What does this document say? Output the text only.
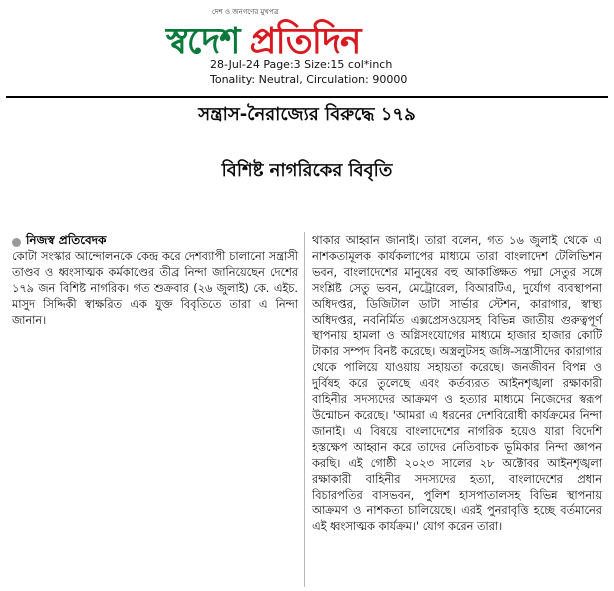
দেশ ও জনগণের মুখপত্র
স্বদেশ প্রতিদিন
28-Jul-24 Page:3 Size:15 col*inch
Tonality: Neutral, Circulation: 90000
সন্ত্রাস-নৈরাজ্যের বিরুদ্ধে ১৭৯
বিশিষ্ট নাগরিকের বিবৃতি
নিজস্ব প্রতিবেদক

কোটা সংস্কার আন্দোলনকে কেন্দ্র করে দেশব্যাপী চালানো সন্ত্রাসী তাণ্ডব ও ধ্বংসাত্মক কর্মকাণ্ডের তীব্র নিন্দা জানিয়েছেন দেশের ১৭৯ জন বিশিষ্ট নাগরিক। গত শুক্রবার (২৬ জুলাই) কে. এইচ. মাসুদ সিদ্দিকী স্বাক্ষরিত এক যুক্ত বিবৃতিতে তারা এ নিন্দা জানান।

থাকার আহ্বান জানাই। তারা বলেন, গত ১৬ জুলাই থেকে এ নাশকতামূলক কার্যকলাপের মাধ্যমে তারা বাংলাদেশ টেলিভিশন ভবন, বাংলাদেশের মানুষের বহু আকাঙ্ক্ষিত পদ্মা সেতুর সঙ্গে সংশ্লিষ্ট সেতু ভবন, মেট্রোরেল, বিআরটিএ, দুর্যোগ ব্যবস্থাপনা অধিদপ্তর, ডিজিটাল ডাটা সার্ভার স্টেশন, কারাগার, স্বাস্থ্য অধিদপ্তর, নবনির্মিত এক্সপ্রেসওয়েসহ বিভিন্ন জাতীয় গুরুত্বপূর্ণ স্থাপনায় হামলা ও অগ্নিসংযোগের মাধ্যমে হাজার হাজার কোটি টাকার সম্পদ বিনষ্ট করেছে। অস্ত্রলুটসহ জঙ্গি-সন্ত্রাসীদের কারাগার থেকে পালিয়ে যাওয়ায় সহায়তা করেছে। জনজীবন বিপন্ন ও দুর্বিষহ করে তুলেছে এবং কর্তব্যরত আইনশৃঙ্খলা রক্ষাকারী বাহিনীর সদস্যদের আক্রমণ ও হত্যার মাধ্যমে নিজেদের স্বরূপ উন্মোচন করেছে। 'আমরা এ ধরনের দেশবিরোধী কার্যক্রমের নিন্দা জানাই। এ বিষয়ে বাংলাদেশের নাগরিক হয়েও যারা বিদেশি হস্তক্ষেপ আহ্বান করে তাদের নেতিবাচক ভূমিকার নিন্দা জ্ঞাপন করছি। এই গোষ্ঠী ২০২৩ সালের ২৮ অক্টোবর আইনশৃঙ্খলা রক্ষাকারী বাহিনীর সদস্যদের হত্যা, বাংলাদেশের প্রধান বিচারপতির বাসভবন, পুলিশ হাসপাতালসহ বিভিন্ন স্থাপনায় আক্রমণ ও নাশকতা চালিয়েছে। এরই পুনরাবৃত্তি হচ্ছে বর্তমানের এই ধ্বংসাত্মক কার্যক্রম।' যোগ করেন তারা।
